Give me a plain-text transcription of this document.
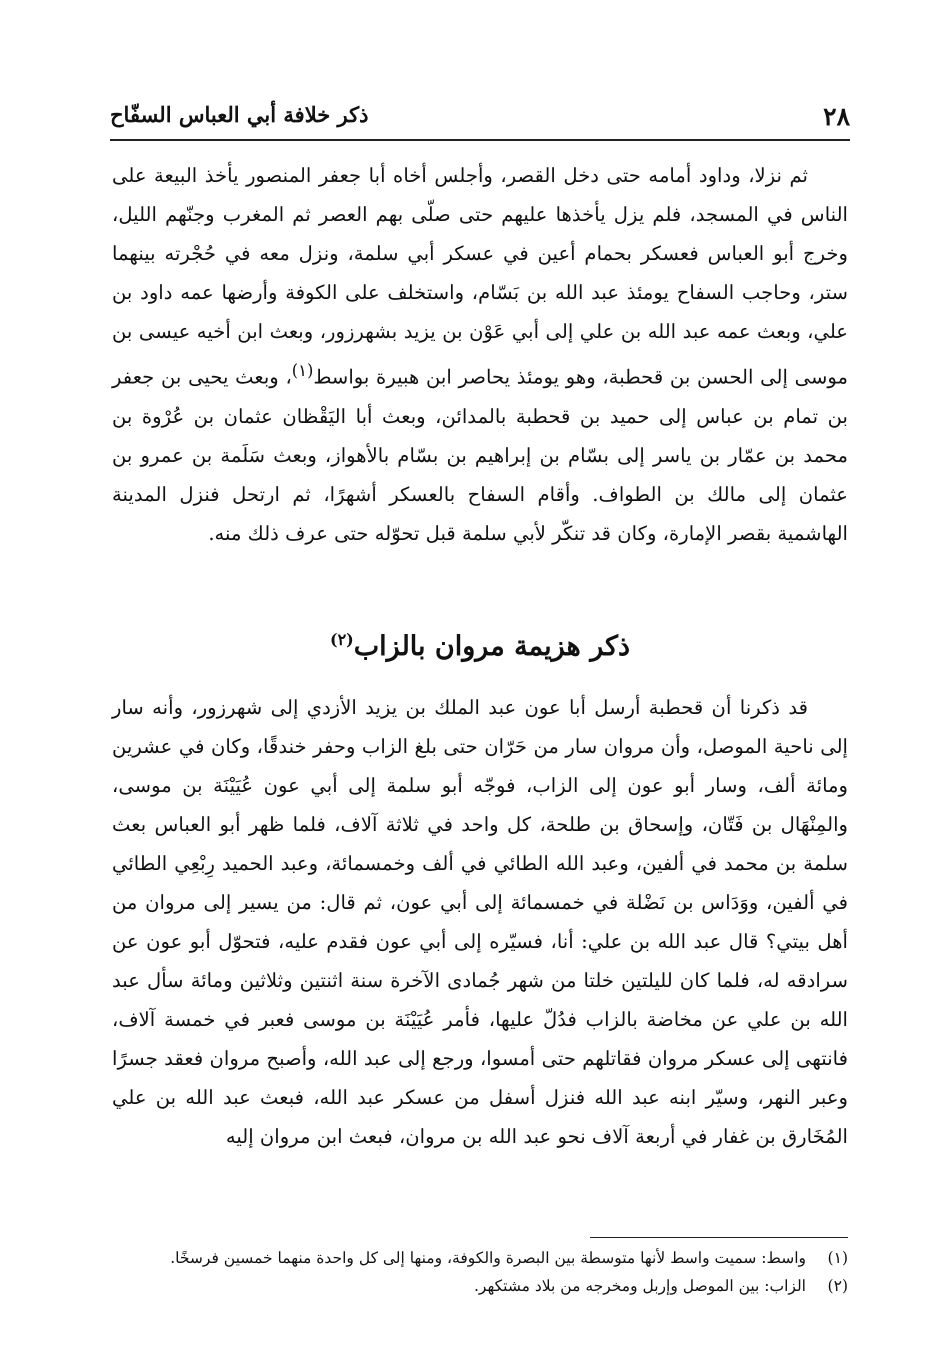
٢٨
ذكر خلافة أبي العباس السفّاح

ثم نزلا، وداود أمامه حتى دخل القصر، وأجلس أخاه أبا جعفر المنصور يأخذ البيعة على الناس في المسجد، فلم يزل يأخذها عليهم حتى صلّى بهم العصر ثم المغرب وجنّهم الليل، وخرج أبو العباس فعسكر بحمام أعين في عسكر أبي سلمة، ونزل معه في حُجْرته بينهما ستر، وحاجب السفاح يومئذ عبد الله بن بَسّام، واستخلف على الكوفة وأرضها عمه داود بن علي، وبعث عمه عبد الله بن علي إلى أبي عَوْن بن يزيد بشهرزور، وبعث ابن أخيه عيسى بن موسى إلى الحسن بن قحطبة، وهو يومئذ يحاصر ابن هبيرة بواسط$^{(١)}$، وبعث يحيى بن جعفر بن تمام بن عباس إلى حميد بن قحطبة بالمدائن، وبعث أبا اليَقْظان عثمان بن عُرْوة بن محمد بن عمّار بن ياسر إلى بسّام بن إبراهيم بن بسّام بالأهواز، وبعث سَلَمة بن عمرو بن عثمان إلى مالك بن الطواف. وأقام السفاح بالعسكر أشهرًا، ثم ارتحل فنزل المدينة الهاشمية بقصر الإمارة، وكان قد تنكّر لأبي سلمة قبل تحوّله حتى عرف ذلك منه.

ذكر هزيمة مروان بالزاب$^{(٢)}$

قد ذكرنا أن قحطبة أرسل أبا عون عبد الملك بن يزيد الأزدي إلى شهرزور، وأنه سار إلى ناحية الموصل، وأن مروان سار من حَرّان حتى بلغ الزاب وحفر خندقًا، وكان في عشرين ومائة ألف، وسار أبو عون إلى الزاب، فوجّه أبو سلمة إلى أبي عون عُيَيْنَة بن موسى، والمِنْهَال بن فَتّان، وإسحاق بن طلحة، كل واحد في ثلاثة آلاف، فلما ظهر أبو العباس بعث سلمة بن محمد في ألفين، وعبد الله الطائي في ألف وخمسمائة، وعبد الحميد رِبْعِي الطائي في ألفين، ووَدَاس بن نَضْلة في خمسمائة إلى أبي عون، ثم قال: من يسير إلى مروان من أهل بيتي؟ قال عبد الله بن علي: أنا، فسيّره إلى أبي عون فقدم عليه، فتحوّل أبو عون عن سرادقه له، فلما كان لليلتين خلتا من شهر جُمادى الآخرة سنة اثنتين وثلاثين ومائة سأل عبد الله بن علي عن مخاضة بالزاب فدُلّ عليها، فأمر عُيَيْنَة بن موسى فعبر في خمسة آلاف، فانتهى إلى عسكر مروان فقاتلهم حتى أمسوا، ورجع إلى عبد الله، وأصبح مروان فعقد جسرًا وعبر النهر، وسيّر ابنه عبد الله فنزل أسفل من عسكر عبد الله، فبعث عبد الله بن علي المُخَارق بن غفار في أربعة آلاف نحو عبد الله بن مروان، فبعث ابن مروان إليه

(١)
واسط: سميت واسط لأنها متوسطة بين البصرة والكوفة، ومنها إلى كل واحدة منهما خمسين فرسخًا.
(٢)
الزاب: بين الموصل وإربل ومخرجه من بلاد مشتكهر.
